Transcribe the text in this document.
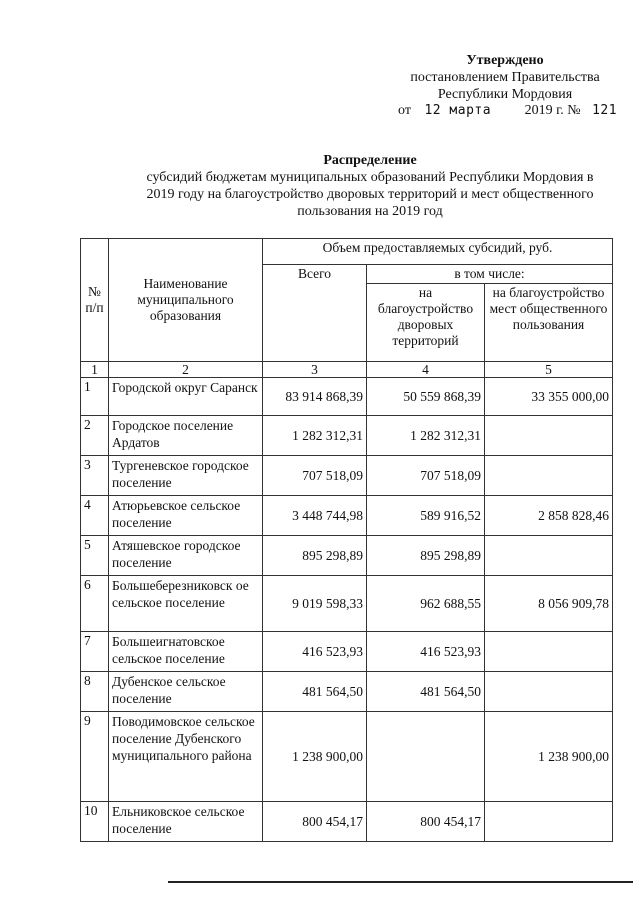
Утверждено
постановлением Правительства
Республики Мордовия
от 12 марта 2019 г. № 121
Распределение
субсидий бюджетам муниципальных образований Республики Мордовия в
2019 году на благоустройство дворовых территорий и мест общественного
пользования на 2019 год
№ п/п	Наименование муниципального образования	Объем предоставляемых субсидий, руб.		
		Всего	в том числе:	
			на благоустройство дворовых территорий	на благоустройство мест общественного пользования
1	2	3	4	5
1	Городской округ Саранск	83 914 868,39	50 559 868,39	33 355 000,00
2	Городское поселение Ардатов	1 282 312,31	1 282 312,31	
3	Тургеневское городское поселение	707 518,09	707 518,09	
4	Атюрьевское сельское поселение	3 448 744,98	589 916,52	2 858 828,46
5	Атяшевское городское поселение	895 298,89	895 298,89	
6	Большеберезниковск ое сельское поселение	9 019 598,33	962 688,55	8 056 909,78
7	Большеигнатовское сельское поселение	416 523,93	416 523,93	
8	Дубенское сельское поселение	481 564,50	481 564,50	
9	Поводимовское сельское поселение Дубенского муниципального района	1 238 900,00		1 238 900,00
10	Ельниковское сельское поселение	800 454,17	800 454,17	
